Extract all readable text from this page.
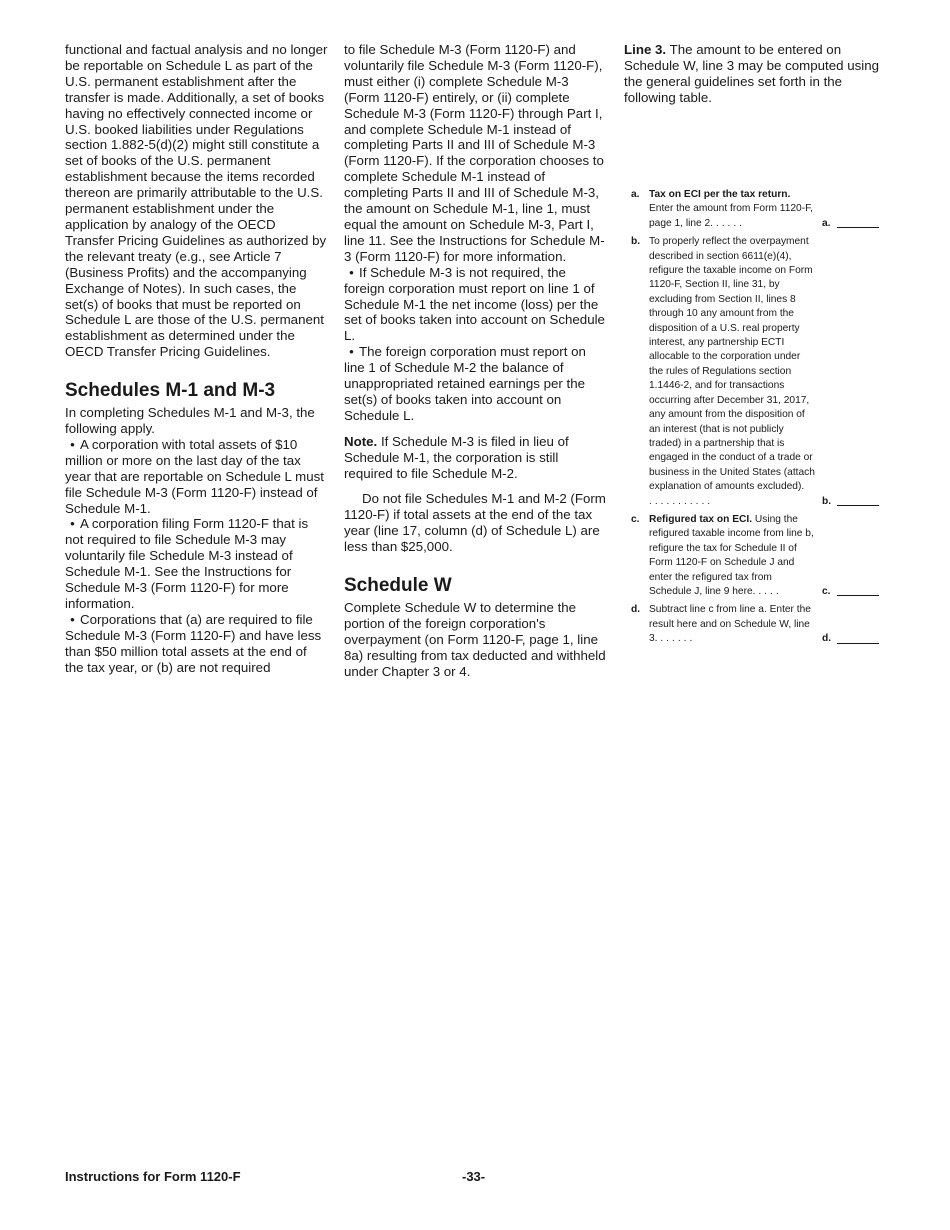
functional and factual analysis and no longer be reportable on Schedule L as part of the U.S. permanent establishment after the transfer is made. Additionally, a set of books having no effectively connected income or U.S. booked liabilities under Regulations section 1.882-5(d)(2) might still constitute a set of books of the U.S. permanent establishment because the items recorded thereon are primarily attributable to the U.S. permanent establishment under the application by analogy of the OECD Transfer Pricing Guidelines as authorized by the relevant treaty (e.g., see Article 7 (Business Profits) and the accompanying Exchange of Notes). In such cases, the set(s) of books that must be reported on Schedule L are those of the U.S. permanent establishment as determined under the OECD Transfer Pricing Guidelines.

Schedules M-1 and M-3

In completing Schedules M-1 and M-3, the following apply.

• A corporation with total assets of $10 million or more on the last day of the tax year that are reportable on Schedule L must file Schedule M-3 (Form 1120-F) instead of Schedule M-1.

• A corporation filing Form 1120-F that is not required to file Schedule M-3 may voluntarily file Schedule M-3 instead of Schedule M-1. See the Instructions for Schedule M-3 (Form 1120-F) for more information.

• Corporations that (a) are required to file Schedule M-3 (Form 1120-F) and have less than $50 million total assets at the end of the tax year, or (b) are not required

to file Schedule M-3 (Form 1120-F) and voluntarily file Schedule M-3 (Form 1120-F), must either (i) complete Schedule M-3 (Form 1120-F) entirely, or (ii) complete Schedule M-3 (Form 1120-F) through Part I, and complete Schedule M-1 instead of completing Parts II and III of Schedule M-3 (Form 1120-F). If the corporation chooses to complete Schedule M-1 instead of completing Parts II and III of Schedule M-3, the amount on Schedule M-1, line 1, must equal the amount on Schedule M-3, Part I, line 11. See the Instructions for Schedule M-3 (Form 1120-F) for more information.

• If Schedule M-3 is not required, the foreign corporation must report on line 1 of Schedule M-1 the net income (loss) per the set of books taken into account on Schedule L.

• The foreign corporation must report on line 1 of Schedule M-2 the balance of unappropriated retained earnings per the set(s) of books taken into account on Schedule L.

Note. If Schedule M-3 is filed in lieu of Schedule M-1, the corporation is still required to file Schedule M-2.

Do not file Schedules M-1 and M-2 (Form 1120-F) if total assets at the end of the tax year (line 17, column (d) of Schedule L) are less than $25,000.

Schedule W

Complete Schedule W to determine the portion of the foreign corporation's overpayment (on Form 1120-F, page 1, line 8a) resulting from tax deducted and withheld under Chapter 3 or 4.

Line 3. The amount to be entered on Schedule W, line 3 may be computed using the general guidelines set forth in the following table.

a. Tax on ECI per the tax return. Enter the amount from Form 1120-F, page 1, line 2. .....	a.
b. To properly reflect the overpayment described in section 6611(e)(4), refigure the taxable income on Form 1120-F, Section II, line 31, by excluding from Section II, lines 8 through 10 any amount from the disposition of a U.S. real property interest, any partnership ECTI allocable to the corporation under the rules of Regulations section 1.1446-2, and for transactions occurring after December 31, 2017, any amount from the disposition of an interest (that is not publicly traded) in a partnership that is engaged in the conduct of a trade or business in the United States (attach explanation of amounts excluded). ...........	b.
c. Refigured tax on ECI. Using the refigured taxable income from line b, refigure the tax for Schedule II of Form 1120-F on Schedule J and enter the refigured tax from Schedule J, line 9 here. ....	c.
d. Subtract line c from line a. Enter the result here and on Schedule W, line 3. ......	d.
Instructions for Form 1120-F	-33-
